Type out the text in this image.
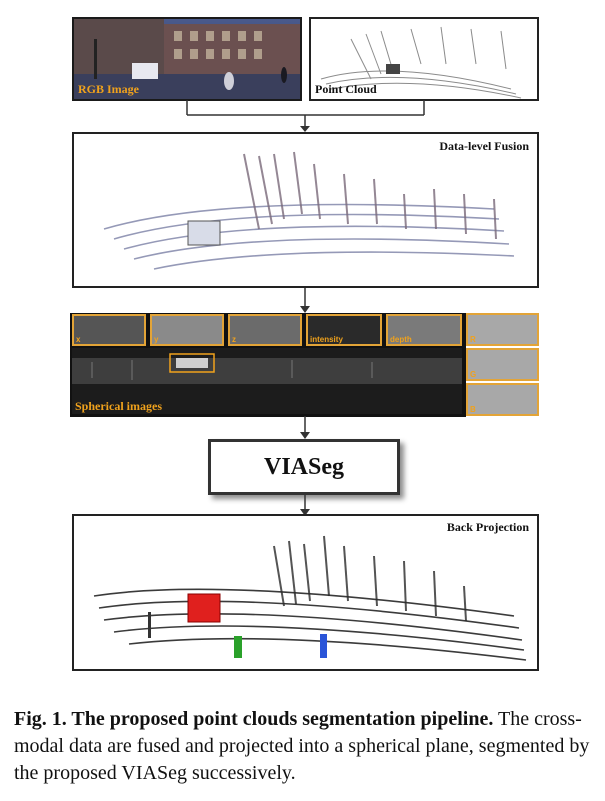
RGB Image	Point Cloud
Data-level Fusion
x	y	z	intensity	depth
Spherical images
R
G
B
VIASeg
Back Projection
Fig. 1. The proposed point clouds segmentation pipeline. The cross-modal data are fused and projected into a spherical plane, segmented by the proposed VIASeg successively.
